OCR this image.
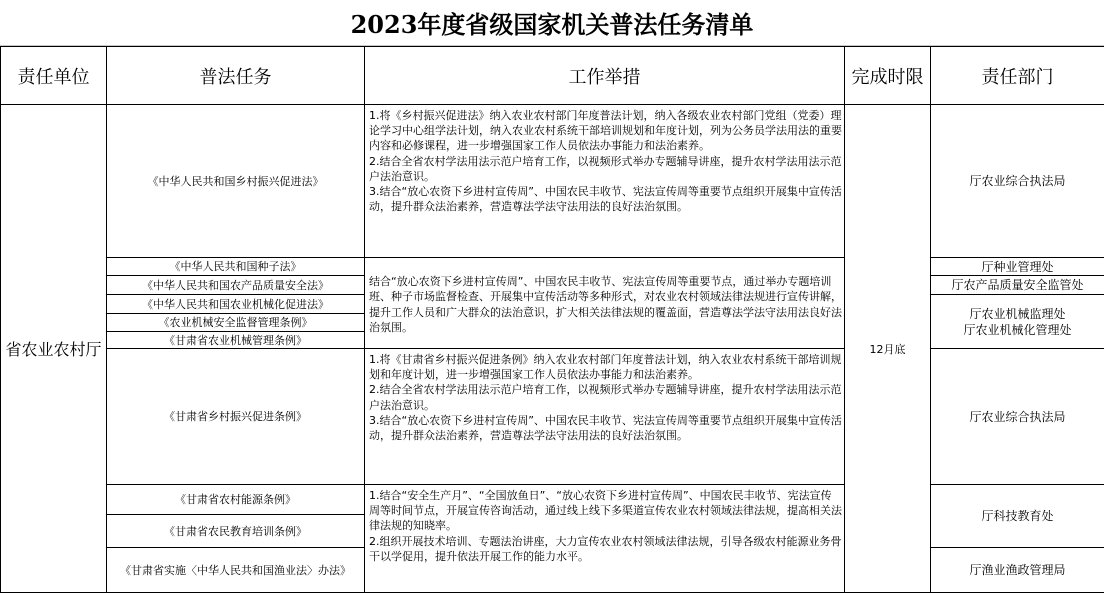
2023年度省级国家机关普法任务清单
责任单位	普法任务	工作举措	完成时限	责任部门
省农业农村厅	《中华人民共和国乡村振兴促进法》	1.将《乡村振兴促进法》纳入农业农村部门年度普法计划，纳入各级农业农村部门党组（党委）理论学习中心组学法计划，纳入农业农村系统干部培训规划和年度计划，列为公务员学法用法的重要内容和必修课程，进一步增强国家工作人员依法办事能力和法治素养。
2.结合全省农村学法用法示范户培育工作，以视频形式举办专题辅导讲座，提升农村学法用法示范户法治意识。
3.结合“放心农资下乡进村宣传周”、中国农民丰收节、宪法宣传周等重要节点组织开展集中宣传活动，提升群众法治素养，营造尊法学法守法用法的良好法治氛围。	12月底	厅农业综合执法局
	《中华人民共和国种子法》	结合“放心农资下乡进村宣传周”、中国农民丰收节、宪法宣传周等重要节点，通过举办专题培训班、种子市场监督检查、开展集中宣传活动等多种形式，对农业农村领域法律法规进行宣传讲解，提升工作人员和广大群众的法治意识，扩大相关法律法规的覆盖面，营造尊法学法守法用法良好法治氛围。		厅种业管理处
	《中华人民共和国农产品质量安全法》			厅农产品质量安全监管处
	《中华人民共和国农业机械化促进法》			厅农业机械监理处
厅农业机械化管理处

	《农业机械安全监督管理条例》			
	《甘肃省农业机械管理条例》			
	《甘肃省乡村振兴促进条例》	1.将《甘肃省乡村振兴促进条例》纳入农业农村部门年度普法计划，纳入农业农村系统干部培训规划和年度计划，进一步增强国家工作人员依法办事能力和法治素养。
2.结合全省农村学法用法示范户培育工作，以视频形式举办专题辅导讲座，提升农村学法用法示范户法治意识。
3.结合“放心农资下乡进村宣传周”、中国农民丰收节、宪法宣传周等重要节点组织开展集中宣传活动，提升群众法治素养，营造尊法学法守法用法的良好法治氛围。		厅农业综合执法局
	《甘肃省农村能源条例》	1.结合“安全生产月”、“全国放鱼日”、“放心农资下乡进村宣传周”、中国农民丰收节、宪法宣传周等时间节点，开展宣传咨询活动，通过线上线下多渠道宣传农业农村领域法律法规，提高相关法律法规的知晓率。
2.组织开展技术培训、专题法治讲座，大力宣传农业农村领域法律法规，引导各级农村能源业务骨干以学促用，提升依法开展工作的能力水平。		厅科技教育处
	《甘肃省农民教育培训条例》			
	《甘肃省实施〈中华人民共和国渔业法〉办法》			厅渔业渔政管理局
